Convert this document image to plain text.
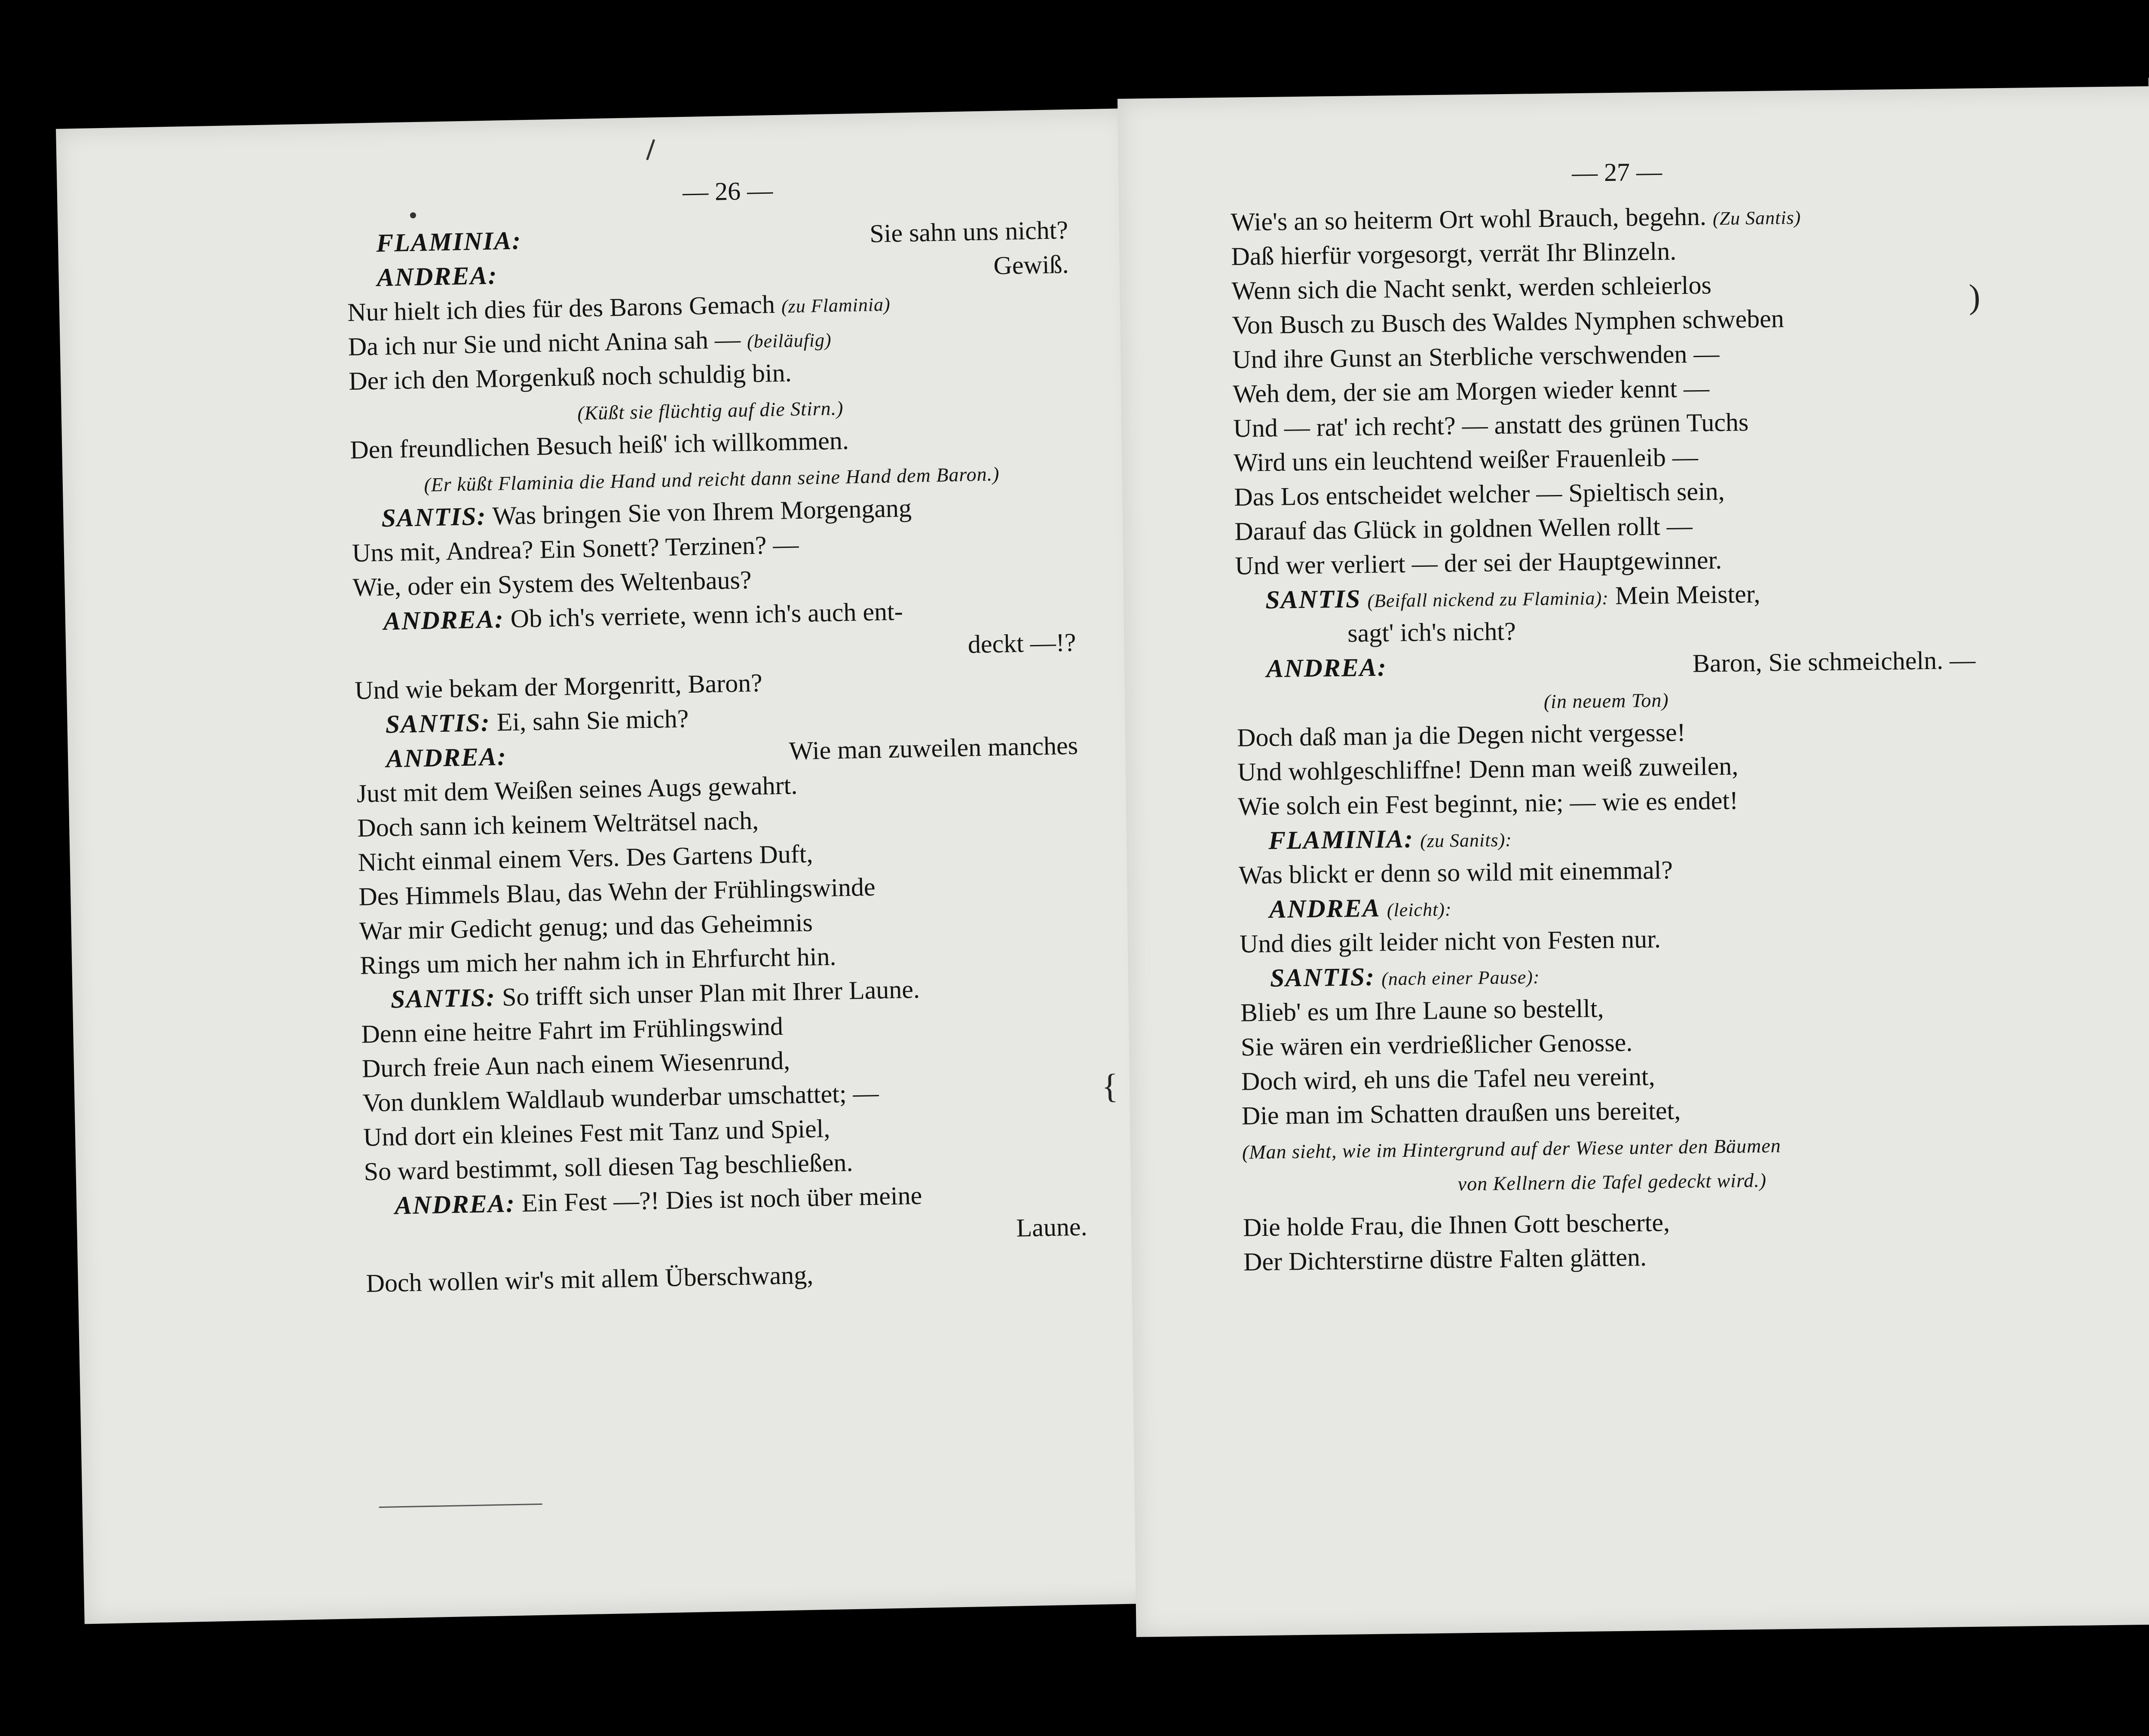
— 26 —
FLAMINIA:	Sie sahn uns nicht?
ANDREA:	Gewiß.
Nur hielt ich dies für des Barons Gemach (zu Flaminia)
Da ich nur Sie und nicht Anina sah — (beiläufig)
Der ich den Morgenkuß noch schuldig bin.
(Küßt sie flüchtig auf die Stirn.)
Den freundlichen Besuch heiß' ich willkommen.
(Er küßt Flaminia die Hand und reicht dann seine Hand dem Baron.)
SANTIS: Was bringen Sie von Ihrem Morgengang
Uns mit, Andrea? Ein Sonett? Terzinen? —
Wie, oder ein System des Weltenbaus?
ANDREA: Ob ich's verriete, wenn ich's auch ent-
deckt —!?
Und wie bekam der Morgenritt, Baron?
SANTIS: Ei, sahn Sie mich?
ANDREA:	Wie man zuweilen manches
Just mit dem Weißen seines Augs gewahrt.
Doch sann ich keinem Welträtsel nach,
Nicht einmal einem Vers. Des Gartens Duft,
Des Himmels Blau, das Wehn der Frühlingswinde
War mir Gedicht genug; und das Geheimnis
Rings um mich her nahm ich in Ehrfurcht hin.
SANTIS: So trifft sich unser Plan mit Ihrer Laune.
Denn eine heitre Fahrt im Frühlingswind
Durch freie Aun nach einem Wiesenrund,
Von dunklem Waldlaub wunderbar umschattet; —
Und dort ein kleines Fest mit Tanz und Spiel,
So ward bestimmt, soll diesen Tag beschließen.
ANDREA: Ein Fest —?! Dies ist noch über meine
Laune.
Doch wollen wir's mit allem Überschwang,
{
— 27 —
Wie's an so heiterm Ort wohl Brauch, begehn. (Zu Santis)
Daß hierfür vorgesorgt, verrät Ihr Blinzeln.
Wenn sich die Nacht senkt, werden schleierlos
Von Busch zu Busch des Waldes Nymphen schweben
Und ihre Gunst an Sterbliche verschwenden —
Weh dem, der sie am Morgen wieder kennt —
Und — rat' ich recht? — anstatt des grünen Tuchs
Wird uns ein leuchtend weißer Frauenleib —
Das Los entscheidet welcher — Spieltisch sein,
Darauf das Glück in goldnen Wellen rollt —
Und wer verliert — der sei der Hauptgewinner.
SANTIS (Beifall nickend zu Flaminia): Mein Meister,
sagt' ich's nicht?
ANDREA:	Baron, Sie schmeicheln. —
(in neuem Ton)
Doch daß man ja die Degen nicht vergesse!
Und wohlgeschliffne! Denn man weiß zuweilen,
Wie solch ein Fest beginnt, nie; — wie es endet!
FLAMINIA: (zu Sanits):
Was blickt er denn so wild mit einemmal?
ANDREA (leicht):
Und dies gilt leider nicht von Festen nur.
SANTIS: (nach einer Pause):
Blieb' es um Ihre Laune so bestellt,
Sie wären ein verdrießlicher Genosse.
Doch wird, eh uns die Tafel neu vereint,
Die man im Schatten draußen uns bereitet,
(Man sieht, wie im Hintergrund auf der Wiese unter den Bäumen
von Kellnern die Tafel gedeckt wird.)
Die holde Frau, die Ihnen Gott bescherte,
Der Dichterstirne düstre Falten glätten.
)
